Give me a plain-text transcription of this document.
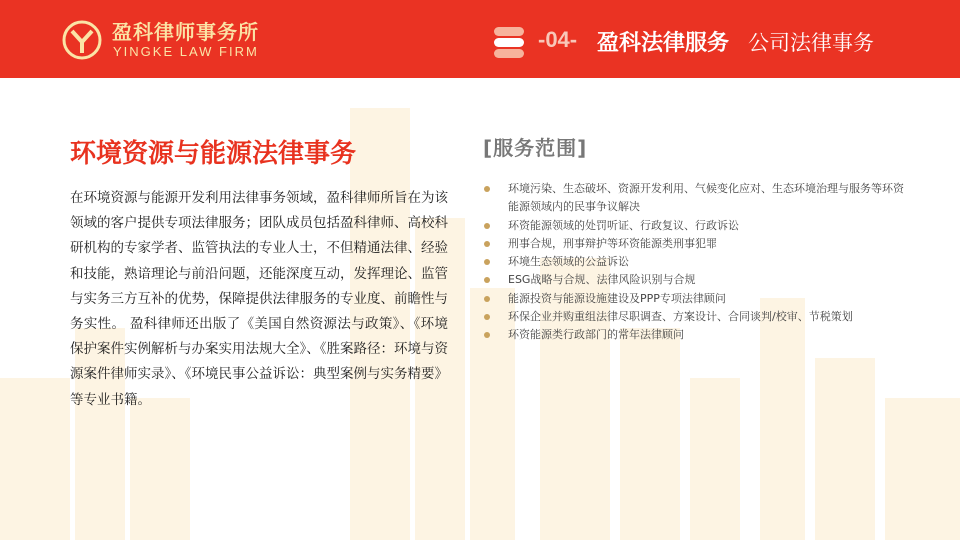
盈科律师事务所
YINGKE LAW FIRM	-04- 盈科法律服务 公司法律事务
环境资源与能源法律事务

在环境资源与能源开发利用法律事务领域，盈科律师所旨在为该领域的客户提供专项法律服务；团队成员包括盈科律师、高校科研机构的专家学者、监管执法的专业人士，不但精通法律、经验和技能，熟谙理论与前沿问题，还能深度互动，发挥理论、监管与实务三方互补的优势，保障提供法律服务的专业度、前瞻性与务实性。 盈科律师还出版了《美国自然资源法与政策》、《环境保护案件实例解析与办案实用法规大全》、《胜案路径：环境与资源案件律师实录》、《环境民事公益诉讼：典型案例与实务精要》等专业书籍。

[服务范围]
环境污染、生态破坏、资源开发利用、气候变化应对、生态环境治理与服务等环资能源领域内的民事争议解决
环资能源领域的处罚听证、行政复议、行政诉讼
刑事合规，刑事辩护等环资能源类刑事犯罪
环境生态领域的公益诉讼
ESG战略与合规、法律风险识别与合规
能源投资与能源设施建设及PPP专项法律顾问
环保企业并购重组法律尽职调查、方案设计、合同谈判/校审、节税策划
环资能源类行政部门的常年法律顾问
